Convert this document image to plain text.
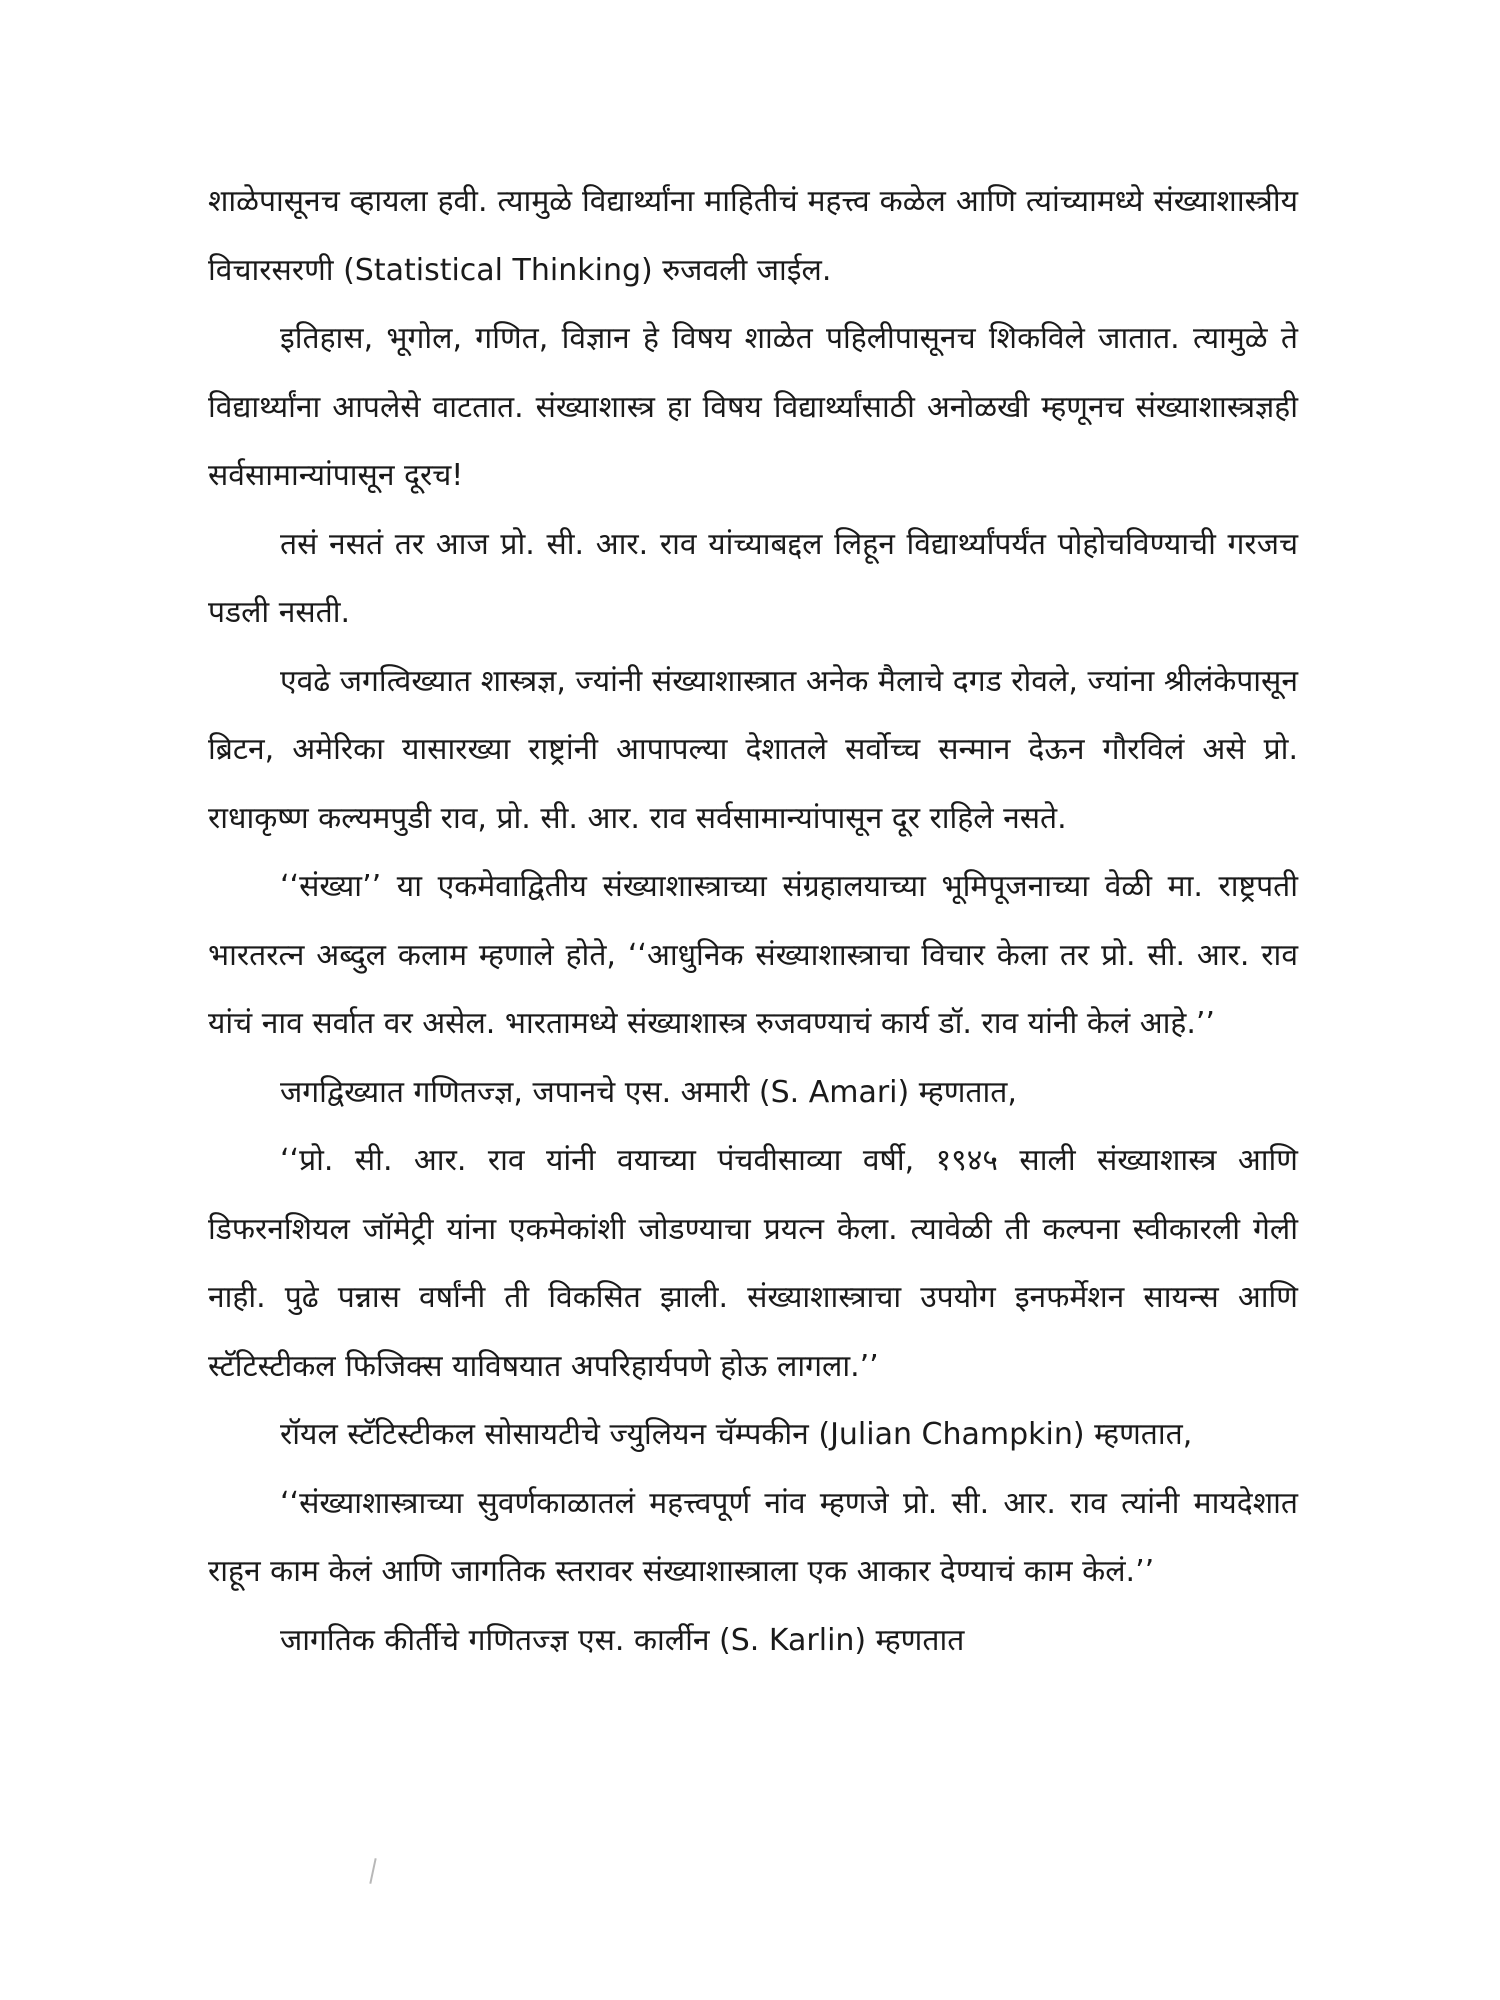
शाळेपासूनच व्हायला हवी. त्यामुळे विद्यार्थ्यांना माहितीचं महत्त्व कळेल आणि त्यांच्यामध्ये संख्याशास्त्रीय विचारसरणी (Statistical Thinking) रुजवली जाईल.

इतिहास, भूगोल, गणित, विज्ञान हे विषय शाळेत पहिलीपासूनच शिकविले जातात. त्यामुळे ते विद्यार्थ्यांना आपलेसे वाटतात. संख्याशास्त्र हा विषय विद्यार्थ्यांसाठी अनोळखी म्हणूनच संख्याशास्त्रज्ञही सर्वसामान्यांपासून दूरच!

तसं नसतं तर आज प्रो. सी. आर. राव यांच्याबद्दल लिहून विद्यार्थ्यांपर्यंत पोहोचविण्याची गरजच पडली नसती.

एवढे जगत्विख्यात शास्त्रज्ञ, ज्यांनी संख्याशास्त्रात अनेक मैलाचे दगड रोवले, ज्यांना श्रीलंकेपासून ब्रिटन, अमेरिका यासारख्या राष्ट्रांनी आपापल्या देशातले सर्वोच्च सन्मान देऊन गौरविलं असे प्रो. राधाकृष्ण कल्यमपुडी राव, प्रो. सी. आर. राव सर्वसामान्यांपासून दूर राहिले नसते.

‘‘संख्या’’ या एकमेवाद्वितीय संख्याशास्त्राच्या संग्रहालयाच्या भूमिपूजनाच्या वेळी मा. राष्ट्रपती भारतरत्न अब्दुल कलाम म्हणाले होते, ‘‘आधुनिक संख्याशास्त्राचा विचार केला तर प्रो. सी. आर. राव यांचं नाव सर्वात वर असेल. भारतामध्ये संख्याशास्त्र रुजवण्याचं कार्य डॉ. राव यांनी केलं आहे.’’

जगद्विख्यात गणितज्ज्ञ, जपानचे एस. अमारी (S. Amari) म्हणतात,

‘‘प्रो. सी. आर. राव यांनी वयाच्या पंचवीसाव्या वर्षी, १९४५ साली संख्याशास्त्र आणि डिफरनशियल जॉमेट्री यांना एकमेकांशी जोडण्याचा प्रयत्न केला. त्यावेळी ती कल्पना स्वीकारली गेली नाही. पुढे पन्नास वर्षांनी ती विकसित झाली. संख्याशास्त्राचा उपयोग इनफर्मेशन सायन्स आणि स्टॅटिस्टीकल फिजिक्स याविषयात अपरिहार्यपणे होऊ लागला.’’

रॉयल स्टॅटिस्टीकल सोसायटीचे ज्युलियन चॅम्पकीन (Julian Champkin) म्हणतात,

‘‘संख्याशास्त्राच्या सुवर्णकाळातलं महत्त्वपूर्ण नांव म्हणजे प्रो. सी. आर. राव त्यांनी मायदेशात राहून काम केलं आणि जागतिक स्तरावर संख्याशास्त्राला एक आकार देण्याचं काम केलं.’’

जागतिक कीर्तीचे गणितज्ज्ञ एस. कार्लीन (S. Karlin) म्हणतात
